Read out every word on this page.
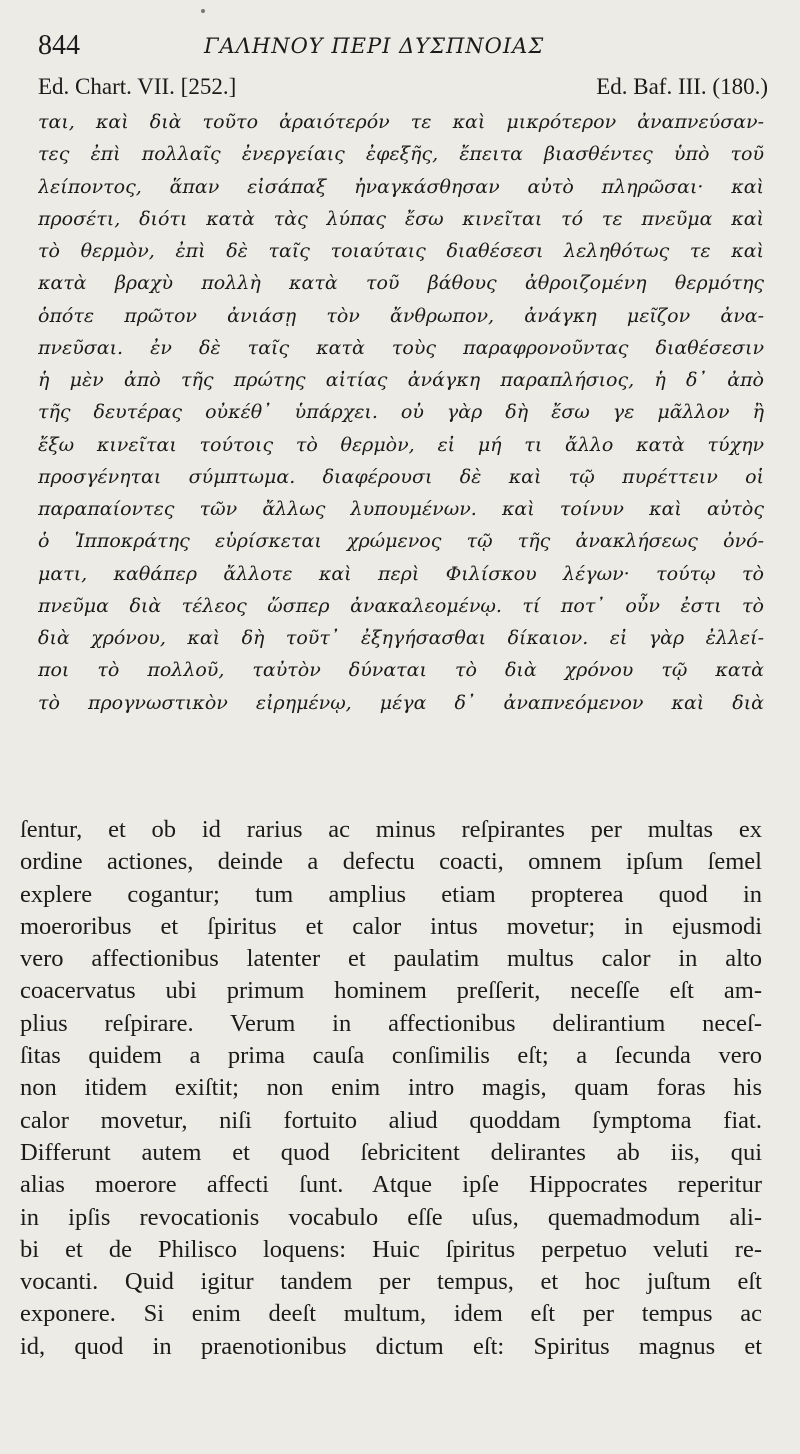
844	ΓΑΛΗΝΟΥ ΠΕΡΙ ΔΥΣΠΝΟΙΑΣ
Ed. Chart. VII. [252.]	Ed. Baf. III. (180.)
ται, καὶ διὰ τοῦτο ἀραιότερόν τε καὶ μικρότερον ἀναπνεύσαν-
τες ἐπὶ πολλαῖς ἐνεργείαις ἐφεξῆς, ἔπειτα βιασθέντες ὑπὸ τοῦ
λείποντος, ἅπαν εἰσάπαξ ἠναγκάσθησαν αὐτὸ πληρῶσαι· καὶ
προσέτι, διότι κατὰ τὰς λύπας ἔσω κινεῖται τό τε πνεῦμα καὶ
τὸ θερμὸν, ἐπὶ δὲ ταῖς τοιαύταις διαθέσεσι λεληθότως τε καὶ
κατὰ βραχὺ πολλὴ κατὰ τοῦ βάθους ἀθροιζομένη θερμότης
ὁπότε πρῶτον ἀνιάσῃ τὸν ἄνθρωπον, ἀνάγκη μεῖζον ἀνα-
πνεῦσαι. ἐν δὲ ταῖς κατὰ τοὺς παραφρονοῦντας διαθέσεσιν
ἡ μὲν ἀπὸ τῆς πρώτης αἰτίας ἀνάγκη παραπλήσιος, ἡ δ᾽ ἀπὸ
τῆς δευτέρας οὐκέθ᾽ ὑπάρχει. οὐ γὰρ δὴ ἔσω γε μᾶλλον ἢ
ἔξω κινεῖται τούτοις τὸ θερμὸν, εἰ μή τι ἄλλο κατὰ τύχην
προσγένηται σύμπτωμα. διαφέρουσι δὲ καὶ τῷ πυρέττειν οἱ
παραπαίοντες τῶν ἄλλως λυπουμένων. καὶ τοίνυν καὶ αὐτὸς
ὁ Ἱπποκράτης εὑρίσκεται χρώμενος τῷ τῆς ἀνακλήσεως ὀνό-
ματι, καθάπερ ἄλλοτε καὶ περὶ Φιλίσκου λέγων· τούτῳ τὸ
πνεῦμα διὰ τέλεος ὥσπερ ἀνακαλεομένῳ. τί ποτ᾽ οὖν ἐστι τὸ
διὰ χρόνου, καὶ δὴ τοῦτ᾽ ἐξηγήσασθαι δίκαιον. εἰ γὰρ ἐλλεί-
ποι τὸ πολλοῦ, ταὐτὸν δύναται τὸ διὰ χρόνου τῷ κατὰ
τὸ προγνωστικὸν εἰρημένῳ, μέγα δ᾽ ἀναπνεόμενον καὶ διὰ
ſentur, et ob id rarius ac minus reſpirantes per multas ex
ordine actiones, deinde a defectu coacti, omnem ipſum ſemel
explere cogantur; tum amplius etiam propterea quod in
moeroribus et ſpiritus et calor intus movetur; in ejusmodi
vero affectionibus latenter et paulatim multus calor in alto
coacervatus ubi primum hominem preſſerit, neceſſe eſt am-
plius reſpirare. Verum in affectionibus delirantium neceſ-
ſitas quidem a prima cauſa conſimilis eſt; a ſecunda vero
non itidem exiſtit; non enim intro magis, quam foras his
calor movetur, niſi fortuito aliud quoddam ſymptoma fiat.
Differunt autem et quod ſebricitent delirantes ab iis, qui
alias moerore affecti ſunt. Atque ipſe Hippocrates reperitur
in ipſis revocationis vocabulo eſſe uſus, quemadmodum ali-
bi et de Philisco loquens: Huic ſpiritus perpetuo veluti re-
vocanti. Quid igitur tandem per tempus, et hoc juſtum eſt
exponere. Si enim deeſt multum, idem eſt per tempus ac
id, quod in praenotionibus dictum eſt: Spiritus magnus et
